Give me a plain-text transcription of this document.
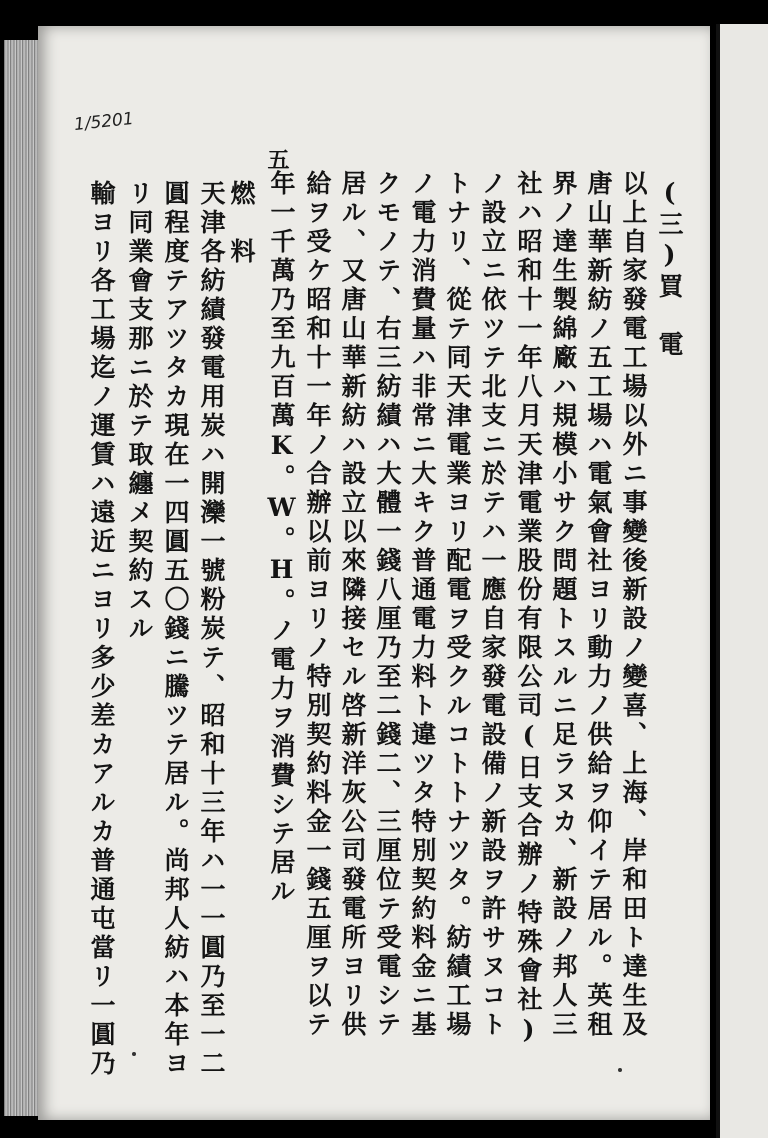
1/5201
五
(三)買　電
以上自家發電工場以外ニ事變後新設ノ變喜、上海、岸和田ト達生及
唐山華新紡ノ五工場ハ電氣會社ヨリ動力ノ供給ヲ仰イテ居ル。英租
界ノ達生製綿廠ハ規模小サク問題トスルニ足ラヌカ、新設ノ邦人三
社ハ昭和十一年八月天津電業股份有限公司(日支合辦ノ特殊會社)
ノ設立ニ依ツテ北支ニ於テハ一應自家發電設備ノ新設ヲ許サヌコト
トナリ、從テ同天津電業ヨリ配電ヲ受クルコトトナツタ。紡績工場
ノ電力消費量ハ非常ニ大キク普通電力料ト違ツタ特別契約料金ニ基
クモノテ、右三紡績ハ大體一錢八厘乃至二錢二、三厘位テ受電シテ
居ル、又唐山華新紡ハ設立以來隣接セル啓新洋灰公司發電所ヨリ供
給ヲ受ケ昭和十一年ノ合辦以前ヨリノ特別契約料金一錢五厘ヲ以テ
年一千萬乃至九百萬K。W。H。ノ電力ヲ消費シテ居ル
燃　料
天津各紡績發電用炭ハ開灤一號粉炭テ、昭和十三年ハ一一圓乃至一二
圓程度テアツタカ現在一四圓五〇錢ニ騰ツテ居ル。尚邦人紡ハ本年ヨ
リ同業會支那ニ於テ取纏メ契約スル
輸ヨリ各工場迄ノ運賃ハ遠近ニヨリ多少差カアルカ普通屯當リ一圓乃
